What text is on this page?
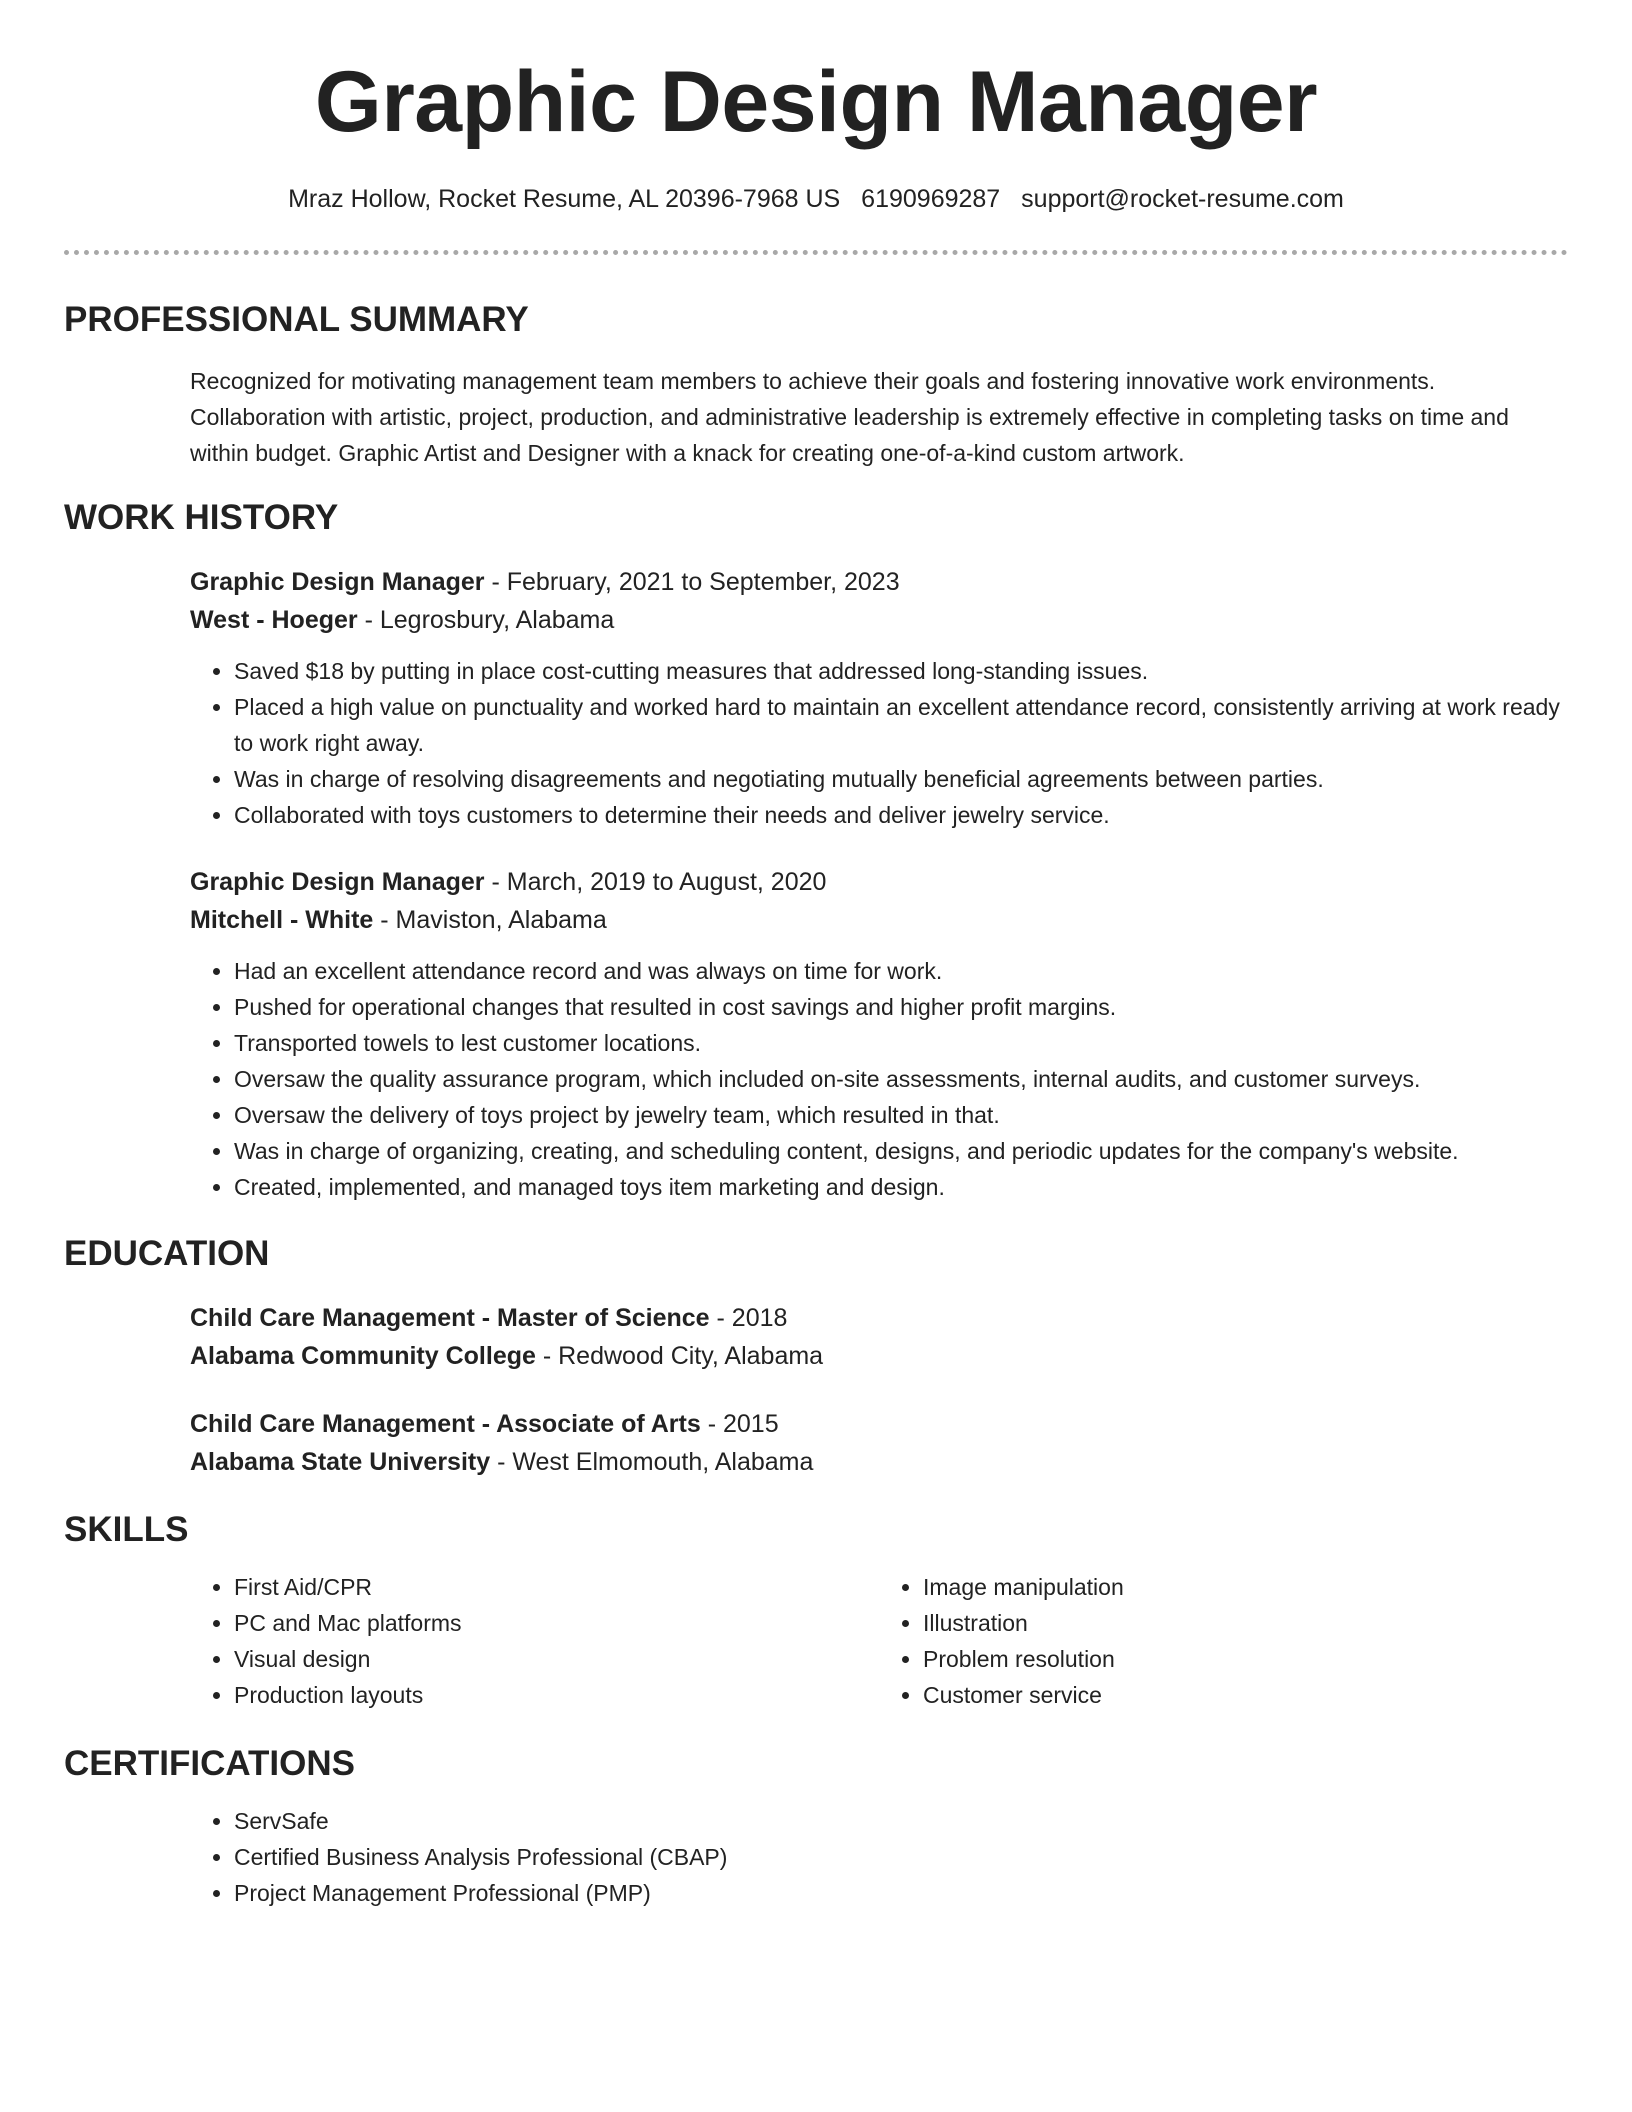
Graphic Design Manager
Mraz Hollow, Rocket Resume, AL 20396-7968 US 6190969287 support@rocket-resume.com
PROFESSIONAL SUMMARY
Recognized for motivating management team members to achieve their goals and fostering innovative work environments. Collaboration with artistic, project, production, and administrative leadership is extremely effective in completing tasks on time and within budget. Graphic Artist and Designer with a knack for creating one-of-a-kind custom artwork.
WORK HISTORY
Graphic Design Manager - February, 2021 to September, 2023
West - Hoeger - Legrosbury, Alabama
• Saved $18 by putting in place cost-cutting measures that addressed long-standing issues.
• Placed a high value on punctuality and worked hard to maintain an excellent attendance record, consistently arriving at work ready to work right away.
• Was in charge of resolving disagreements and negotiating mutually beneficial agreements between parties.
• Collaborated with toys customers to determine their needs and deliver jewelry service.
Graphic Design Manager - March, 2019 to August, 2020
Mitchell - White - Maviston, Alabama
• Had an excellent attendance record and was always on time for work.
• Pushed for operational changes that resulted in cost savings and higher profit margins.
• Transported towels to lest customer locations.
• Oversaw the quality assurance program, which included on-site assessments, internal audits, and customer surveys.
• Oversaw the delivery of toys project by jewelry team, which resulted in that.
• Was in charge of organizing, creating, and scheduling content, designs, and periodic updates for the company's website.
• Created, implemented, and managed toys item marketing and design.
EDUCATION
Child Care Management - Master of Science - 2018
Alabama Community College - Redwood City, Alabama
Child Care Management - Associate of Arts - 2015
Alabama State University - West Elmomouth, Alabama
SKILLS
• First Aid/CPR
• PC and Mac platforms
• Visual design
• Production layouts
• Image manipulation
• Illustration
• Problem resolution
• Customer service
CERTIFICATIONS
• ServSafe
• Certified Business Analysis Professional (CBAP)
• Project Management Professional (PMP)
